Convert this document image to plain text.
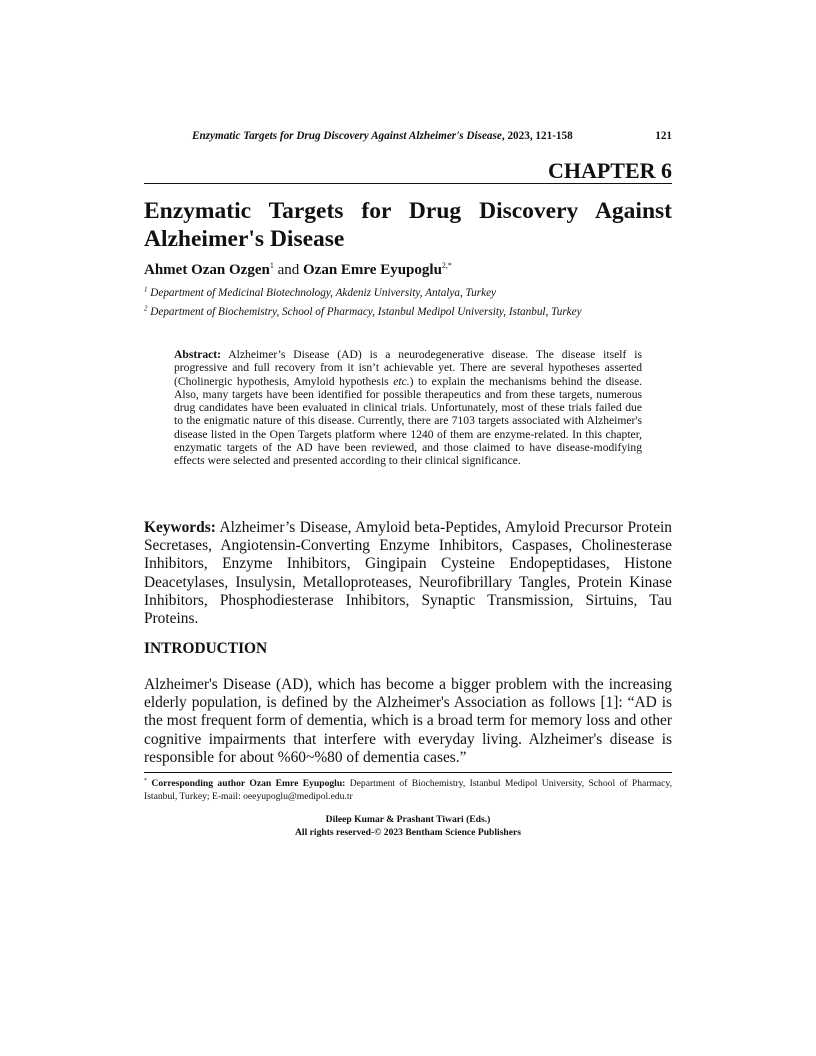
Enzymatic Targets for Drug Discovery Against Alzheimer's Disease, 2023, 121-158	121
CHAPTER 6
Enzymatic Targets for Drug Discovery Against
Alzheimer's Disease
Ahmet Ozan Ozgen$^1$ and Ozan Emre Eyupoglu$^{2,*}$
$^1$ Department of Medicinal Biotechnology, Akdeniz University, Antalya, Turkey
$^2$ Department of Biochemistry, School of Pharmacy, Istanbul Medipol University, Istanbul, Turkey

Abstract: Alzheimer’s Disease (AD) is a neurodegenerative disease. The disease itself is progressive and full recovery from it isn’t achievable yet. There are several hypotheses asserted (Cholinergic hypothesis, Amyloid hypothesis etc.) to explain the mechanisms behind the disease. Also, many targets have been identified for possible therapeutics and from these targets, numerous drug candidates have been evaluated in clinical trials. Unfortunately, most of these trials failed due to the enigmatic nature of this disease. Currently, there are 7103 targets associated with Alzheimer's disease listed in the Open Targets platform where 1240 of them are enzyme-related. In this chapter, enzymatic targets of the AD have been reviewed, and those claimed to have disease-modifying effects were selected and presented according to their clinical significance.

Keywords: Alzheimer’s Disease, Amyloid beta-Peptides, Amyloid Precursor Protein Secretases, Angiotensin-Converting Enzyme Inhibitors, Caspases, Cholinesterase Inhibitors, Enzyme Inhibitors, Gingipain Cysteine Endopeptidases, Histone Deacetylases, Insulysin, Metalloproteases, Neurofibrillary Tangles, Protein Kinase Inhibitors, Phosphodiesterase Inhibitors, Synaptic Transmission, Sirtuins, Tau Proteins.

INTRODUCTION

Alzheimer's Disease (AD), which has become a bigger problem with the increasing elderly population, is defined by the Alzheimer's Association as follows [1]: “AD is the most frequent form of dementia, which is a broad term for memory loss and other cognitive impairments that interfere with everyday living. Alzheimer's disease is responsible for about %60~%80 of dementia cases.”

* Corresponding author Ozan Emre Eyupoglu: Department of Biochemistry, Istanbul Medipol University, School of Pharmacy, Istanbul, Turkey; E-mail: oeeyupoglu@medipol.edu.tr

Dileep Kumar & Prashant Tiwari (Eds.)
All rights reserved-© 2023 Bentham Science Publishers
